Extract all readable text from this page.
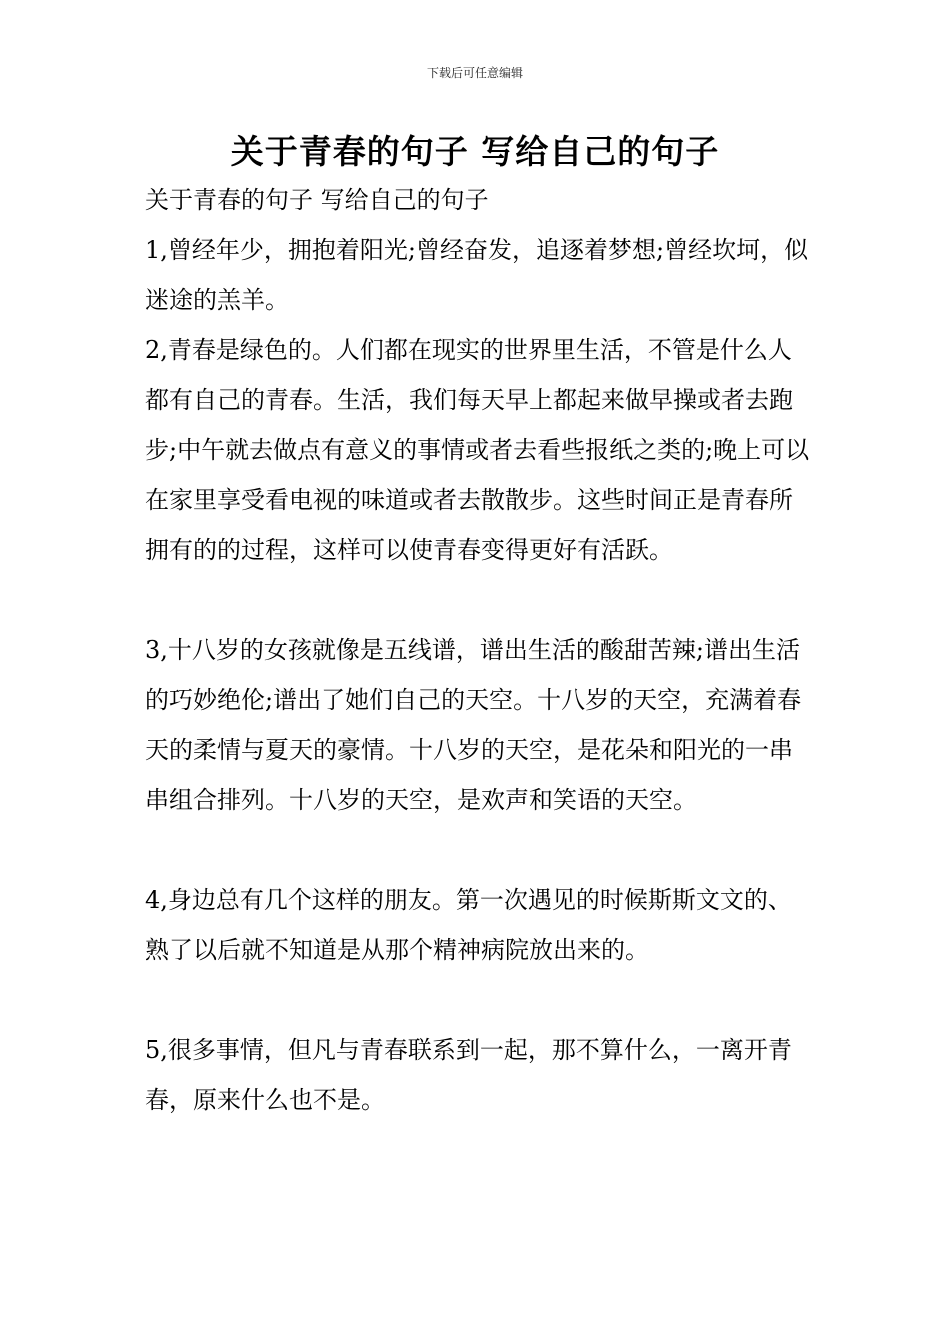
下载后可任意编辑
关于青春的句子 写给自己的句子

关于青春的句子 写给自己的句子

1,曾经年少，拥抱着阳光;曾经奋发，追逐着梦想;曾经坎坷，似迷途的羔羊。

2,青春是绿色的。人们都在现实的世界里生活，不管是什么人都有自己的青春。生活，我们每天早上都起来做早操或者去跑步;中午就去做点有意义的事情或者去看些报纸之类的;晚上可以在家里享受看电视的味道或者去散散步。这些时间正是青春所拥有的的过程，这样可以使青春变得更好有活跃。

3,十八岁的女孩就像是五线谱，谱出生活的酸甜苦辣;谱出生活的巧妙绝伦;谱出了她们自己的天空。十八岁的天空，充满着春天的柔情与夏天的豪情。十八岁的天空，是花朵和阳光的一串串组合排列。十八岁的天空，是欢声和笑语的天空。

4,身边总有几个这样的朋友。第一次遇见的时候斯斯文文的、熟了以后就不知道是从那个精神病院放出来的。

5,很多事情，但凡与青春联系到一起，那不算什么，一离开青春，原来什么也不是。
